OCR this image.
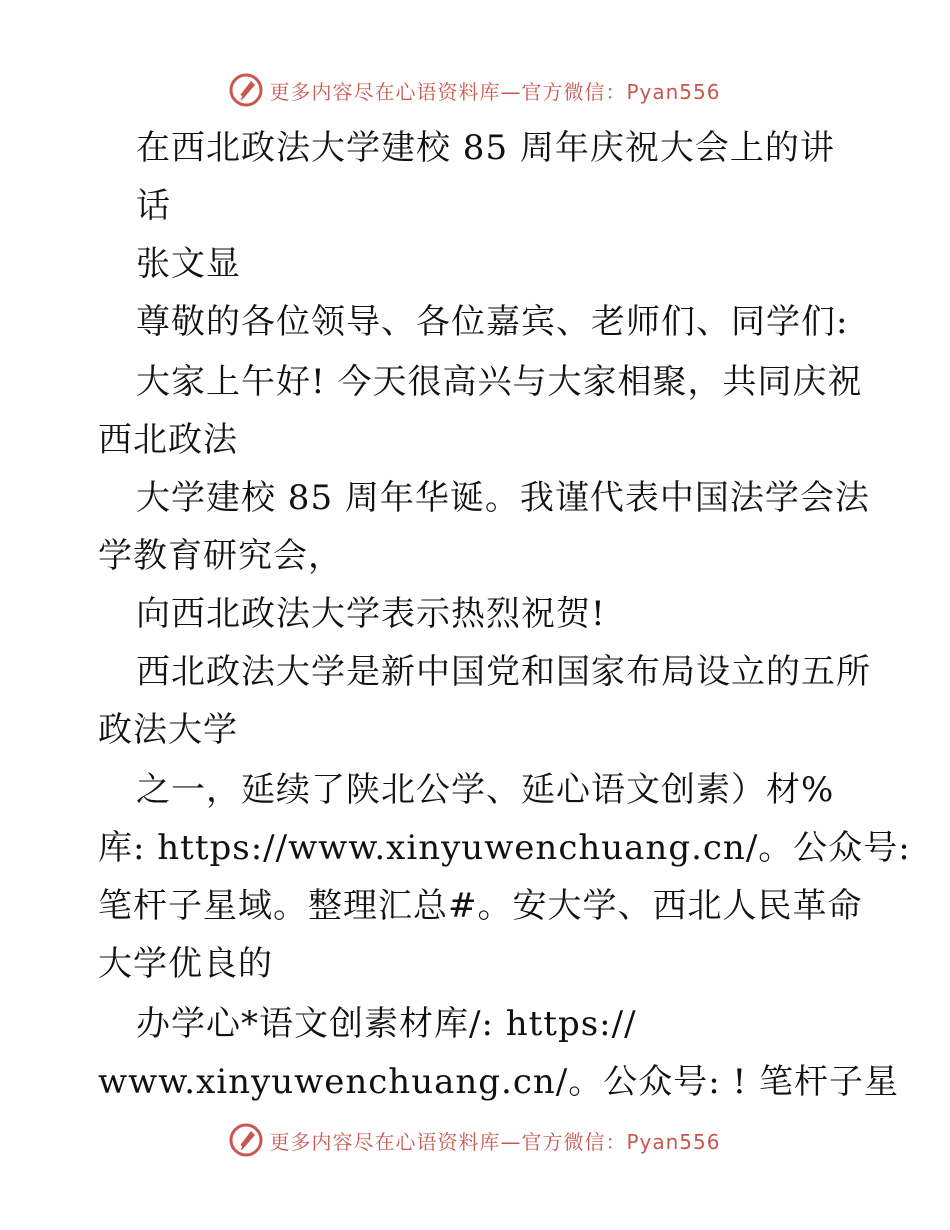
更多内容尽在心语资料库—官方微信：Pyan556
在西北政法大学建校 85 周年庆祝大会上的讲
话
张文显
尊敬的各位领导、各位嘉宾、老师们、同学们:
大家上午好! 今天很高兴与大家相聚，共同庆祝
西北政法
大学建校 85 周年华诞。我谨代表中国法学会法
学教育研究会，
向西北政法大学表示热烈祝贺!
西北政法大学是新中国党和国家布局设立的五所
政法大学
之一，延续了陕北公学、延心语文创素）材%
库: https://www.xinyuwenchuang.cn/。公众号:
笔杆子星域。整理汇总#。安大学、西北人民革命
大学优良的
办学心*语文创素材库/: https://
www.xinyuwenchuang.cn/。公众号: ! 笔杆子星
更多内容尽在心语资料库—官方微信：Pyan556
